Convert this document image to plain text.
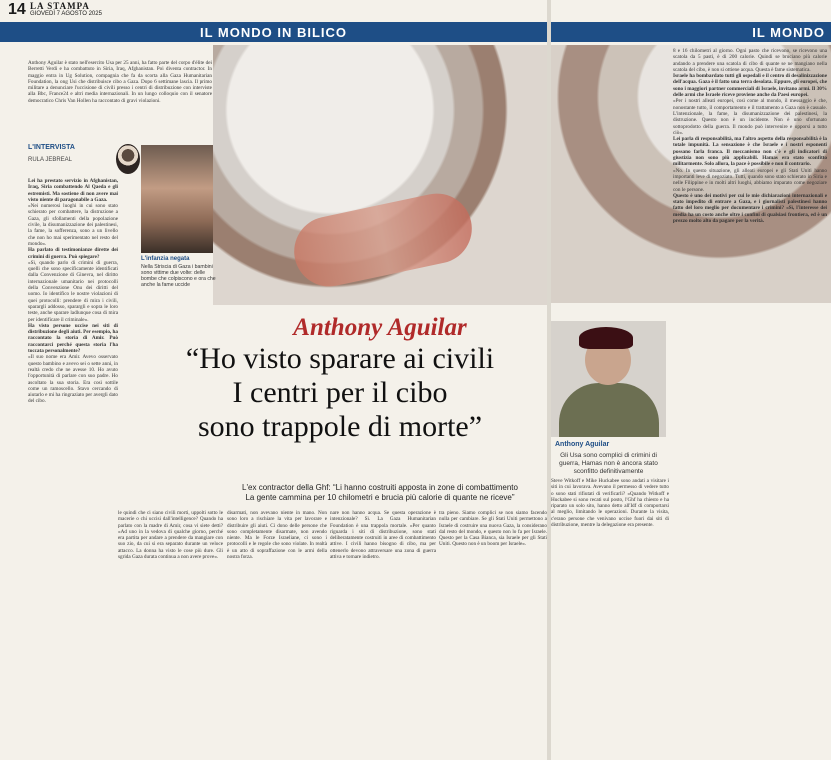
14 LA STAMPA
GIOVEDÌ 7 AGOSTO 2025
IL MONDO IN BILICO	IL MONDO
Anthony Aguilar è stato nell'esercito Usa per 25 anni, ha fatto parte del corpo d'élite dei Berretti Verdi e ha combattuto in Siria, Iraq, Afghanistan. Poi diventa contractor. In maggio entra in Ug Solution, compagnia che fa da scorta alla Gaza Humanitarian Foundation, la ong Usi che distribuisce cibo a Gaza. Dopo 6 settimane lascia. Il primo militare a denunciare l'uccisione di civili presso i centri di distribuzione con interviste alla Bbc, France24 e altri media internazionali. In un lungo colloquio con il senatore democratico Chris Van Hollen ha raccontato di gravi violazioni.
L'INTERVISTA
RULA JEBREAL
Lei ha prestato servizio in Afghanistan, Iraq, Siria combattendo Al Qaeda e gli estremisti. Ma sostiene di non avere mai visto niente di paragonabile a Gaza.
«Nei numerosi luoghi in cui sono stato schierato per combattere, la distruzione a Gaza, gli sfollamenti della popolazione civile, la disumanizzazione dei palestinesi, la fame, la sofferenza, sono a un livello che non ho mai sperimentato nel resto del mondo».
Ha parlato di testimonianze dirette dei crimini di guerra. Può spiegare?
«Sì, quando parlo di crimini di guerra, quelli che sono specificamente identificati dalla Convenzione di Ginevra, nel diritto internazionale umanitario nei protocolli della Convenzione Onu dei diritti del uomo. Io identifico le nostre violazioni di quei protocolli: prendere di mira i civili, sparargli addosso, sparargli e sopra le loro teste, anche sparare ladlunque cosa di mira per identificare il criminale».
Ha visto persone uccise nei siti di distribuzione degli aiuti. Per esempio, ha raccontato la storia di Amir. Può raccontarci perché questa storia l'ha toccata personalmente?
«Il suo nome era Amir. Avevo osservato questo bambino e avevo sei o sette anni, in realtà credo che ne avesse 10. Ho avuto l'opportunità di parlare con suo padre. Ho ascoltato la sua storia. Era così sottile come un ramoscello. Stavo cercando di aiutarlo e mi ha ringraziato per avergli dato del cibo.
L'infanzia negata
Nella Striscia di Gaza i bambini sono vittime due volte: delle bombe che colpiscono e ora che anche la fame uccide
Anthony Aguilar
“Ho visto sparare ai civili
I centri per il cibo
sono trappole di morte”
L'ex contractor della Ghf: “Li hanno costruiti apposta in zone di combattimento
La gente cammina per 10 chilometri e brucia più calorie di quante ne riceve”
Anthony Aguilar
Gli Usa sono complici di crimini di guerra, Hamas non è ancora stato sconfitto definitivamente
le quindi che ci siano civili morti, uppolti sotto le macerie o chi uccisi dall'intelligence? Quando ha parlato con la madre di Amir, cosa vi siete detti? «Ad uno in la vedova di qualche giorno, perché era partita per andare a prendere da mangiare con suo zio, da cui si era separato durante un veloce attacco. La donna ha visto le cose più dure. Gli sgrida Gaza durata continua a non avere prove».
disarmati, non avevano niente in mano. Non sono loro a rischiare la vita per lavorare e distribuire gli aiuti. Ci dono delle persone che sono completamente disarmate, non avendo niente. Ma le Forze Israeliane, ci sono i protocolli e le regole che sono violate. In realtà è un atto di sopraffazione con le armi della nostra forza.
nare non hanno acqua. Se questa operazione è intenzionale? Sì. La Gaza Humanitarian Foundation è una trappola mortale. «Per quanto riguarda i siti di distribuzione, sono stati deliberatamente costruiti in aree di combattimento attive. I civili hanno bisogno di cibo, ma per ottenerlo devono attraversare una zona di guerra attiva e tornare indietro.
tra pieno. Siamo complici se non siamo facendo nulla per cambiare. Se gli Stati Uniti permettono a Israele di costruire una nuova Gaza, la considerano dal resto del mondo, e questo non lo fa per Israele. Questo per la Casa Bianca, sia Israele per gli Stati Uniti. Questo non è un boom per Israele».
Steve Witkoff e Mike Huckabee sono andati a visitare i siti in cui lavorava. Avevano il permesso di vedere tutto o sono stati rifiutati di verificarli? «Quando Witkoff e Huckabee si sono recati sul posto, l'Ghf ha chiesto e ha riparato un solo sito, hanno detto all'Idf di comportarsi al meglio, limitando le operazioni. Durante la visita, c'erano persone che venivano uccise fuori dai siti di distribuzione, mentre la delegazione era presente.
8 e 16 chilometri al giorno. Ogni pasto che ricevono, se ricevono una scatola da 5 pasti, è di 200 calorie. Quindi se bruciano più calorie andando a prendere una scatola di cibo di quante se ne mangiano nella scatola del cibo, è non si ottiene acqua. Questa è fame sistematica.
Israele ha bombardato tutti gli ospedali e il centro di desalinizzazione dell'acqua. Gaza è il fatto una terra desolata. Eppure, gli europei, che sono i maggiori partner commerciali di Israele, invitano armi. Il 30% delle armi che Israele riceve proviene anche da Paesi europei.
«Per i nostri alleati europei, così come al mondo, il messaggio è che, nonostante tutto, il comportamento e il trattamento a Gaza non è casuale. L'intenzionale, la fame, la disumanizzazione dei palestinesi, la distruzione. Questo non è un incidente. Non è uno sfortunato sottoprodotto della guerra. Il mondo può intervenire e opporsi a tutto ciò».
Lei parla di responsabilità, ma l'altro aspetto della responsabilità è la totale impunità. La sensazione è che Israele e i nostri esponenti possano farla franca. Il meccanismo non c'è e gli indicatori di giustizia non sono più applicabili. Hamas era stato sconfitto militarmente. Solo allora, la pace è possibile e non il contrario.
«No. In questo situazione, gli alleati europei e gli Stati Uniti hanno importanti leve di negoziato. Tutti, quando sono stato schierato in Siria e nelle Filippine e in molti altri luoghi, abbiamo imparato come negoziare con le persone.
Questo è uno dei motivi per cui le mie dichiarazioni internazionali e stato impedito di entrare a Gaza, e i giornalisti palestinesi hanno fatto del loro meglio per documentare i crimini? «Sì, l'interesse dei media ha un costo anche oltre i confini di qualsiasi frontiera, ed è un prezzo molto alto da pagare per la verità.
